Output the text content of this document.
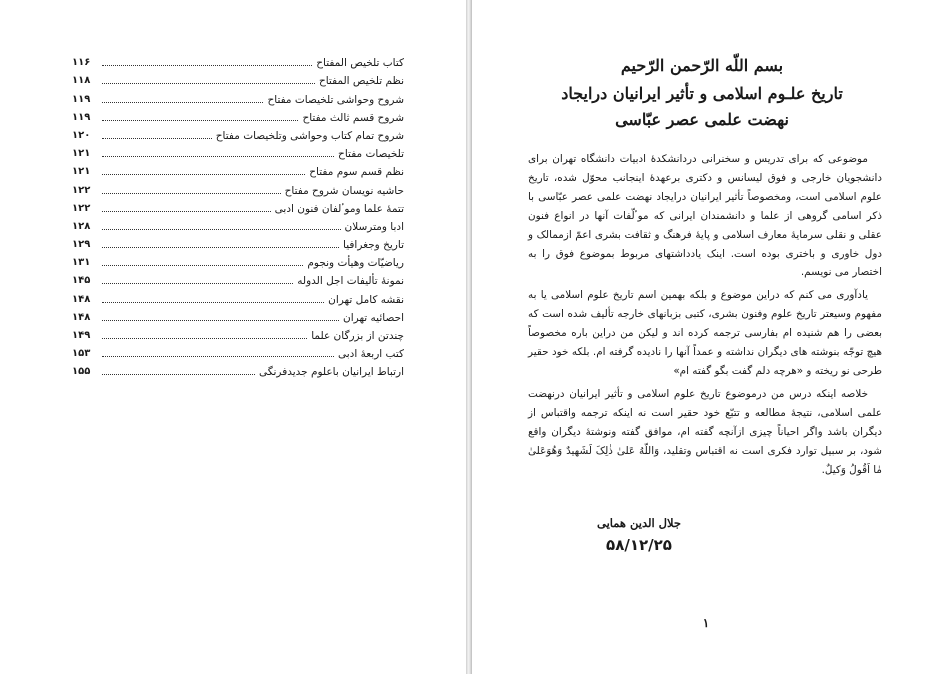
۱۱۶	کتاب تلخیص المفتاح
۱۱۸	نظم تلخیص المفتاح
۱۱۹	شروح وحواشی تلخیصات مفتاح
۱۱۹	شروح قسم ثالث مفتاح
۱۲۰	شروح تمام کتاب وحواشی وتلخیصات مفتاح
۱۲۱	تلخیصات مفتاح
۱۲۱	نظم قسم سوم مفتاح
۱۲۲	حاشیه نویسان شروح مفتاح
۱۲۲	تتمهٔ علما وموٴلفان فنون ادبی
۱۲۸	ادبا ومترسلان
۱۲۹	تاریخ وجغرافیا
۱۳۱	ریاضیّات وهیأت ونجوم
۱۴۵	نمونهٔ تألیفات اجل الدوله
۱۴۸	نقشه کامل تهران
۱۴۸	احصائیه تهران
۱۴۹	چندتن از بزرگان علما
۱۵۳	کتب اربعهٔ ادبی
۱۵۵	ارتباط ایرانیان باعلوم جدیدفرنگی
بسم اللّه الرّحمن الرّحیم
تاریخ علـوم اسلامی و تأثیر ایرانیان درایجاد
نهضت علمی عصر عبّاسی

موضوعی که برای تدریس و سخنرانی دردانشکدهٔ ادبیات دانشگاه تهران برای دانشجویان خارجی و فوق لیسانس و دکتری برعهدهٔ اینجانب محوّل شده، تاریخ علوم اسلامی است، ومخصوصاً تأثیر ایرانیان درایجاد نهضت علمی عصر عبّاسی با ذکر اسامی گروهی از علما و دانشمندان ایرانی که موٴلّفات آنها در انواع فنون عقلی و نقلی سرمایهٔ معارف اسلامی و پایهٔ فرهنگ و ثقافت بشری اعمّ ازممالک و دول خاوری و باختری بوده است. اینک یادداشتهای مربوط بموضوع فوق را به اختصار می نویسم.

یادآوری می کنم که دراین موضوع و بلکه بهمین اسم تاریخ علوم اسلامی یا به مفهوم وسیعتر تاریخ علوم وفنون بشری، کتبی بزبانهای خارجه تألیف شده است که بعضی را هم شنیده ام بفارسی ترجمه کرده اند و لیکن من دراین باره مخصوصاً هیچ توجّه بنوشته های دیگران نداشته و عمداً آنها را نادیده گرفته ام. بلکه خود حقیر طرحی نو ریخته و «هرچه دلم گفت بگو گفته ام»

خلاصه اینکه درس من درموضوع تاریخ علوم اسلامی و تأثیر ایرانیان درنهضت علمی اسلامی، نتیجهٔ مطالعه و تتبّع خود حقیر است نه اینکه ترجمه واقتباس از دیگران باشد واگر احیاناً چیزی ازآنچه گفته ام، موافق گفته ونوشتهٔ دیگران واقع شود، بر سبیل توارد فکری است نه اقتباس وتقلید، وَاللّهُ عَلیٰ ذٰلِکَ لَشَهیدٌ وَهُوَعَلیٰ مٰا اَقُولُ وَکیلٌ.

جلال الدین همایی
۵۸/۱۲/۲۵
۱
